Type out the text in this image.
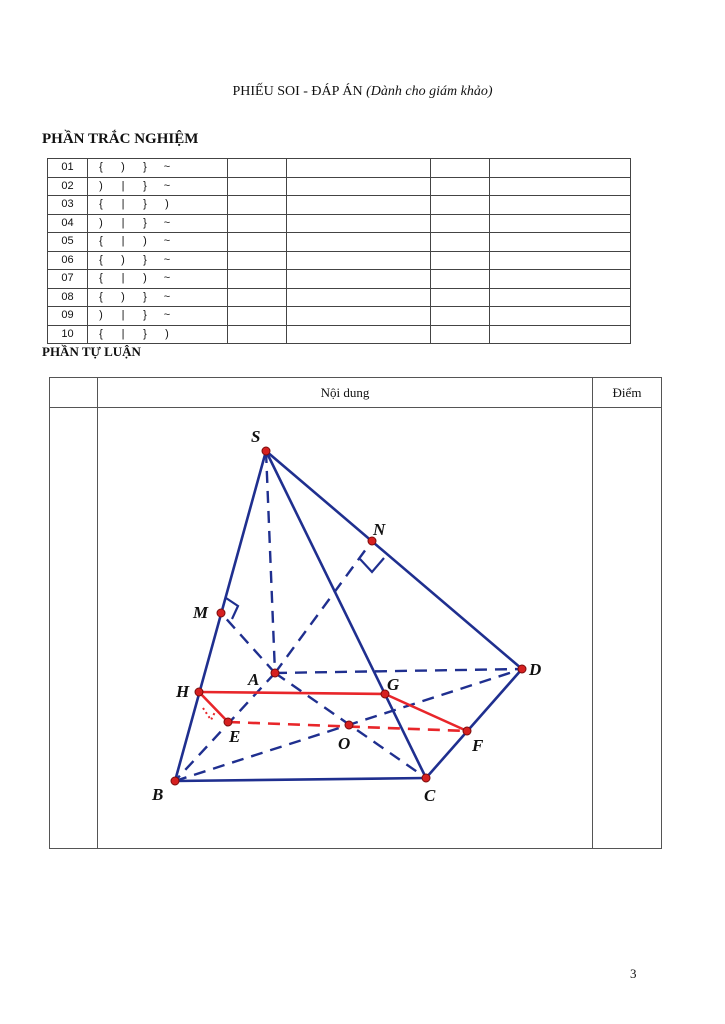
PHIẾU SOI - ĐÁP ÁN (Dành cho giám khảo)
PHẦN TRẮC NGHIỆM
01	{ ) } ~				
02	) | } ~				
03	{ | } )				
04	) | } ~				
05	{ | ) ~				
06	{ ) } ~				
07	{ | ) ~				
08	{ ) } ~				
09	) | } ~				
10	{ | } )				
PHẦN TỰ LUẬN
	Nội dung	Điểm

S
N
M
A
D
G
H
E	O	F
B	C
3
